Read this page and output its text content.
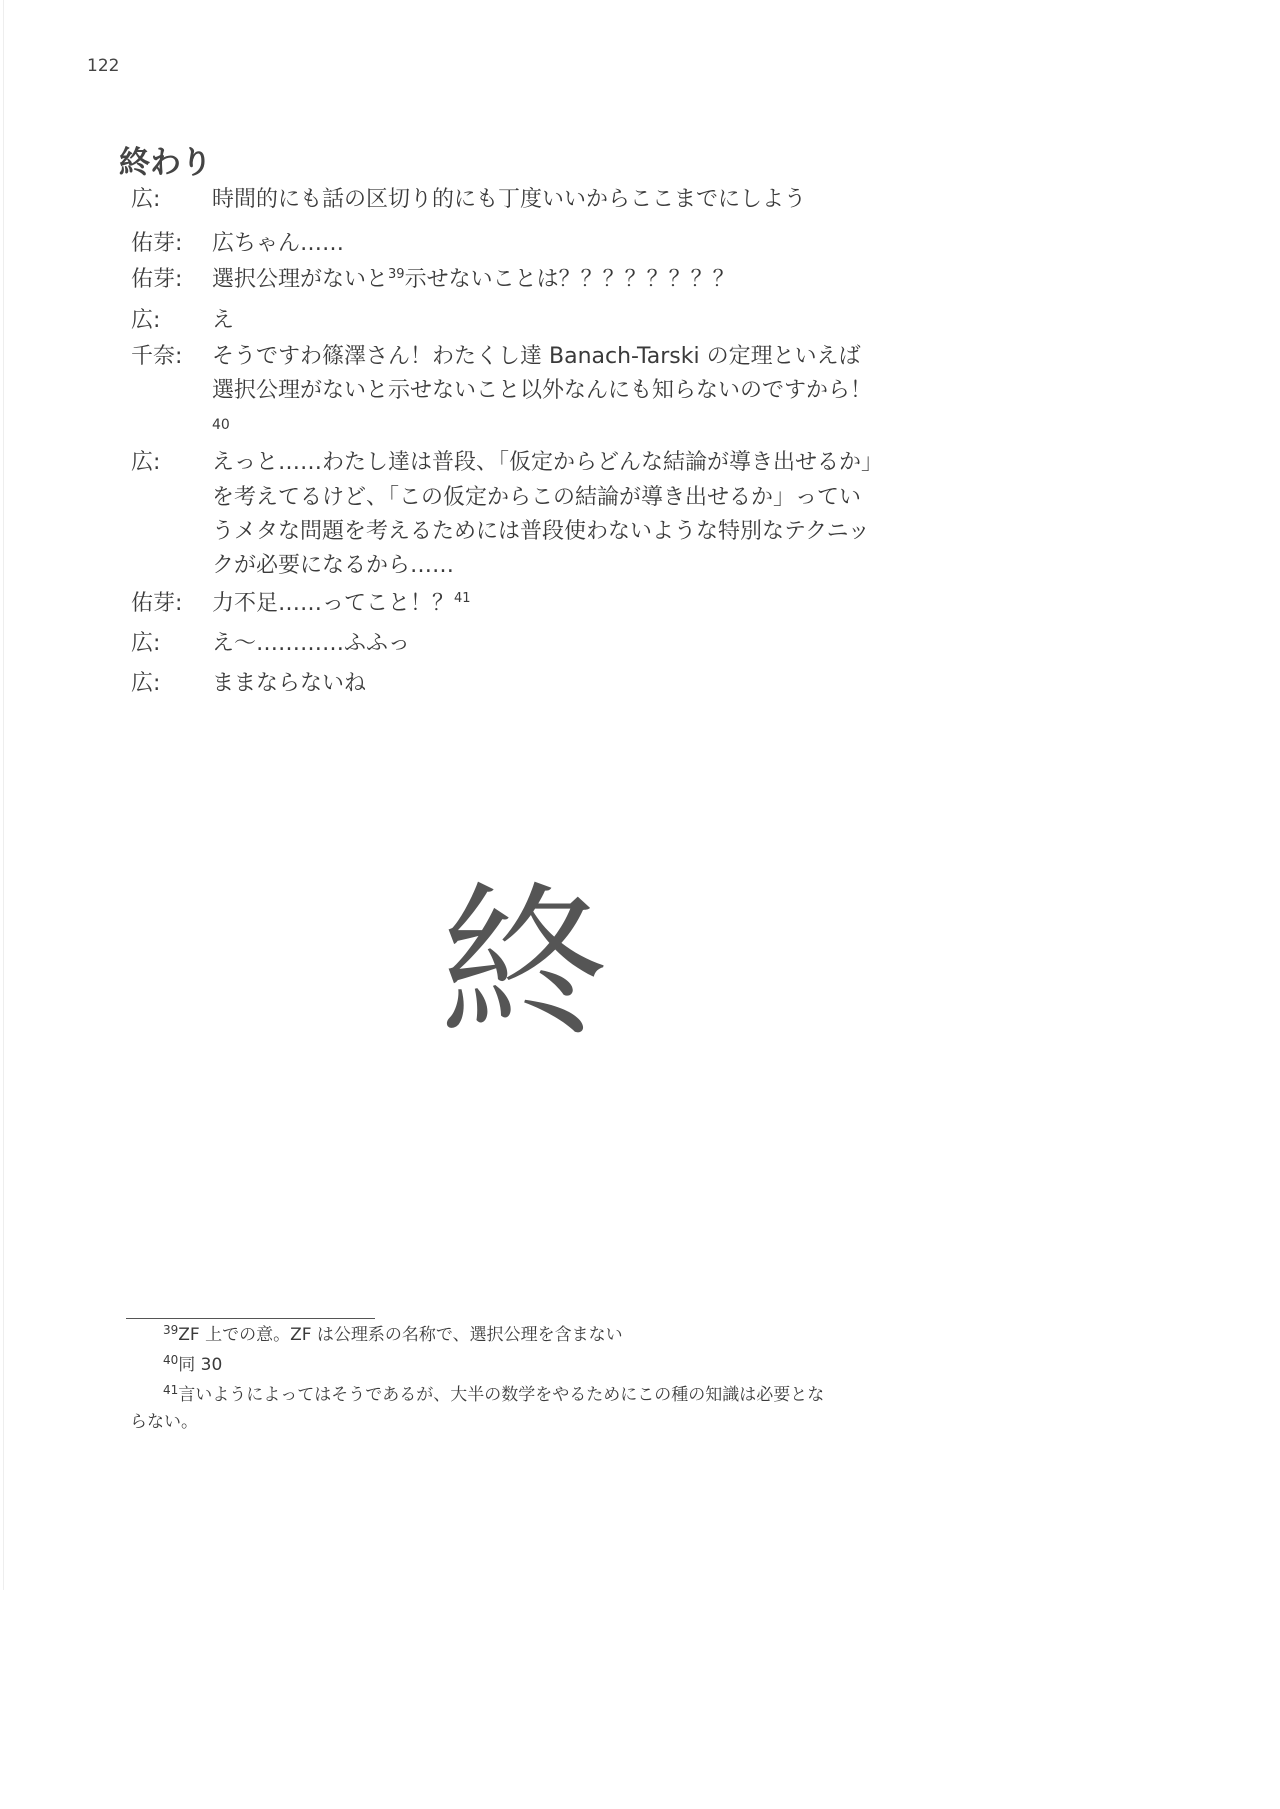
122
終わり
広: 時間的にも話の区切り的にも丁度いいからここまでにしよう
佑芽: 広ちゃん……
佑芽: 選択公理がないと$^{39}$示せないことは？？？？？？？？
広: え
千奈: そうですわ篠澤さん！わたくし達 Banach-Tarski の定理といえば
選択公理がないと示せないこと以外なんにも知らないのですから！
40
広: えっと……わたし達は普段、「仮定からどんな結論が導き出せるか」
を考えてるけど、「この仮定からこの結論が導き出せるか」ってい
うメタな問題を考えるためには普段使わないような特別なテクニッ
クが必要になるから……
佑芽: 力不足……ってこと！？$^{41}$
広: え〜…………ふふっ
広: ままならないね
終
$^{39}$ZF 上での意。ZF は公理系の名称で、選択公理を含まない
$^{40}$同 30
$^{41}$言いようによってはそうであるが、大半の数学をやるためにこの種の知識は必要とな
らない。
